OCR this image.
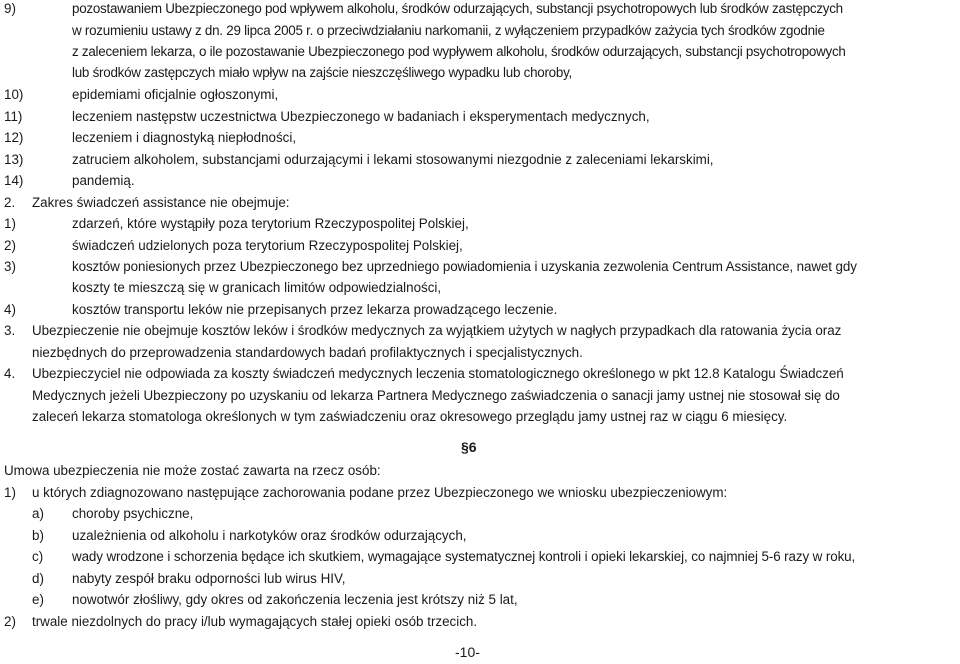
9)	pozostawaniem Ubezpieczonego pod wpływem alkoholu, środków odurzających, substancji psychotropowych lub środków zastępczych
w rozumieniu ustawy z dn. 29 lipca 2005 r. o przeciwdziałaniu narkomanii, z wyłączeniem przypadków zażycia tych środków zgodnie
z zaleceniem lekarza, o ile pozostawanie Ubezpieczonego pod wypływem alkoholu, środków odurzających, substancji psychotropowych
lub środków zastępczych miało wpływ na zajście nieszczęśliwego wypadku lub choroby,
10)	epidemiami oficjalnie ogłoszonymi,
11)	leczeniem następstw uczestnictwa Ubezpieczonego w badaniach i eksperymentach medycznych,
12)	leczeniem i diagnostyką niepłodności,
13)	zatruciem alkoholem, substancjami odurzającymi i lekami stosowanymi niezgodnie z zaleceniami lekarskimi,
14)	pandemią.
2. Zakres świadczeń assistance nie obejmuje:
1)	zdarzeń, które wystąpiły poza terytorium Rzeczypospolitej Polskiej,
2)	świadczeń udzielonych poza terytorium Rzeczypospolitej Polskiej,
3)	kosztów poniesionych przez Ubezpieczonego bez uprzedniego powiadomienia i uzyskania zezwolenia Centrum Assistance, nawet gdy
koszty te mieszczą się w granicach limitów odpowiedzialności,
4)	kosztów transportu leków nie przepisanych przez lekarza prowadzącego leczenie.
3. Ubezpieczenie nie obejmuje kosztów leków i środków medycznych za wyjątkiem użytych w nagłych przypadkach dla ratowania życia oraz
niezbędnych do przeprowadzenia standardowych badań profilaktycznych i specjalistycznych.
4. Ubezpieczyciel nie odpowiada za koszty świadczeń medycznych leczenia stomatologicznego określonego w pkt 12.8 Katalogu Świadczeń
Medycznych jeżeli Ubezpieczony po uzyskaniu od lekarza Partnera Medycznego zaświadczenia o sanacji jamy ustnej nie stosował się do
zaleceń lekarza stomatologa określonych w tym zaświadczeniu oraz okresowego przeglądu jamy ustnej raz w ciągu 6 miesięcy.
§6
Umowa ubezpieczenia nie może zostać zawarta na rzecz osób:
1) u których zdiagnozowano następujące zachorowania podane przez Ubezpieczonego we wniosku ubezpieczeniowym:
a) choroby psychiczne,
b) uzależnienia od alkoholu i narkotyków oraz środków odurzających,
c) wady wrodzone i schorzenia będące ich skutkiem, wymagające systematycznej kontroli i opieki lekarskiej, co najmniej 5-6 razy w roku,
d) nabyty zespół braku odporności lub wirus HIV,
e) nowotwór złośliwy, gdy okres od zakończenia leczenia jest krótszy niż 5 lat,
2) trwale niezdolnych do pracy i/lub wymagających stałej opieki osób trzecich.
-10-
